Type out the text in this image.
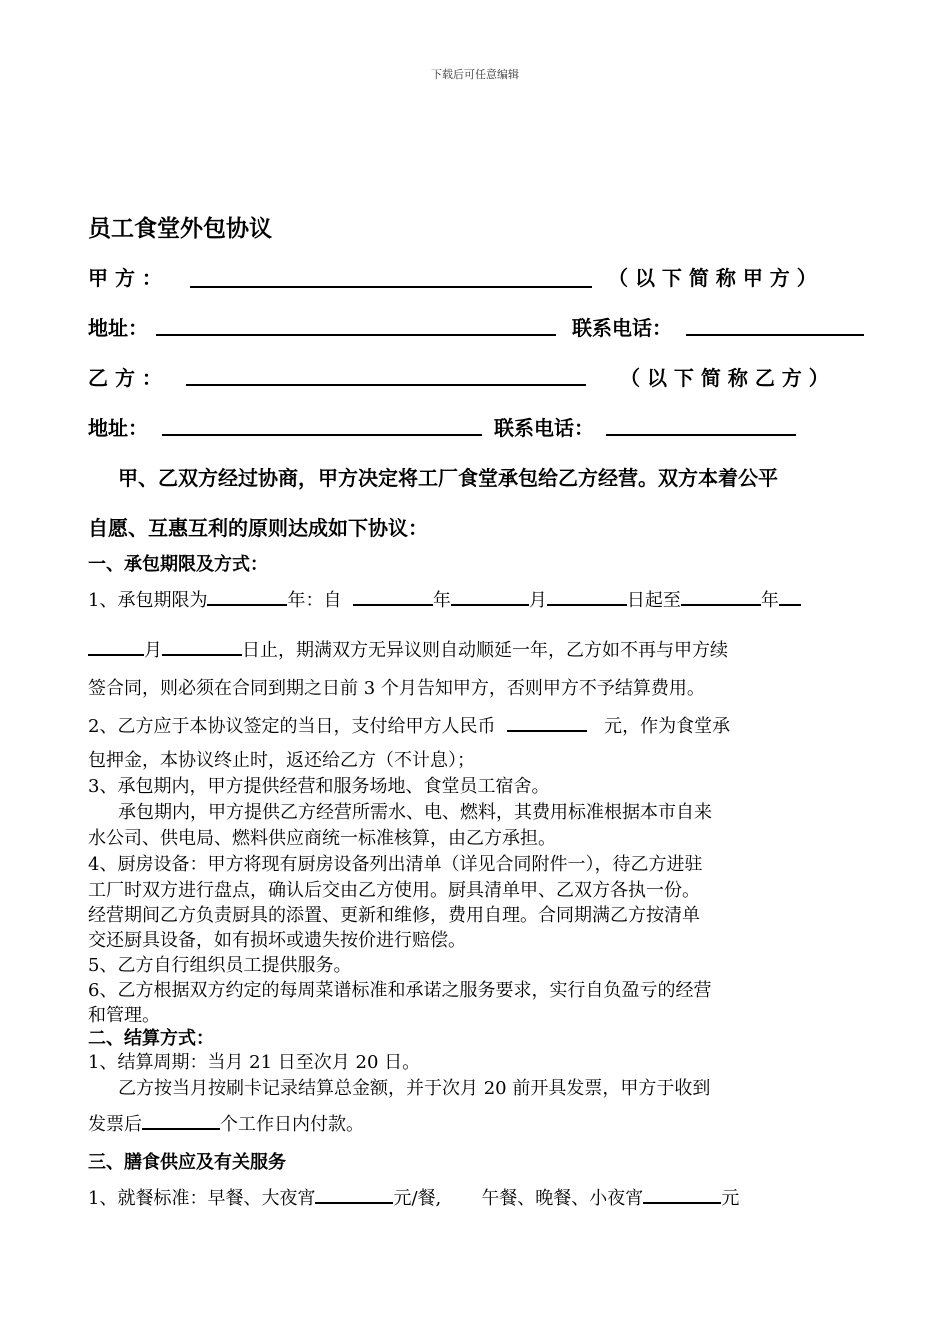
下载后可任意编辑
员工食堂外包协议
甲 方 ：	（ 以 下 简 称 甲 方 ）
地址：	联系电话：
乙 方 ：	（ 以 下 简 称 乙 方 ）
地址：	联系电话：
甲、乙双方经过协商，甲方决定将工厂食堂承包给乙方经营。双方本着公平
自愿、互惠互利的原则达成如下协议：
一、承包期限及方式：
1、承包期限为	年：自	年	月	日起至	年
月	日止，期满双方无异议则自动顺延一年，乙方如不再与甲方续
签合同，则必须在合同到期之日前 3 个月告知甲方，否则甲方不予结算费用。
2、乙方应于本协议签定的当日，支付给甲方人民币	元，作为食堂承
包押金，本协议终止时，返还给乙方（不计息）；
3、承包期内，甲方提供经营和服务场地、食堂员工宿舍。
承包期内，甲方提供乙方经营所需水、电、燃料，其费用标准根据本市自来
水公司、供电局、燃料供应商统一标准核算，由乙方承担。
4、厨房设备：甲方将现有厨房设备列出清单（详见合同附件一），待乙方进驻
工厂时双方进行盘点，确认后交由乙方使用。厨具清单甲、乙双方各执一份。
经营期间乙方负责厨具的添置、更新和维修，费用自理。合同期满乙方按清单
交还厨具设备，如有损坏或遗失按价进行赔偿。
5、乙方自行组织员工提供服务。
6、乙方根据双方约定的每周菜谱标准和承诺之服务要求，实行自负盈亏的经营
和管理。
二、结算方式：
1、结算周期：当月 21 日至次月 20 日。
乙方按当月按刷卡记录结算总金额，并于次月 20 前开具发票，甲方于收到
发票后	个工作日内付款。
三、膳食供应及有关服务
1、就餐标准：早餐、大夜宵	元/餐, 午餐、晚餐、小夜宵	元
